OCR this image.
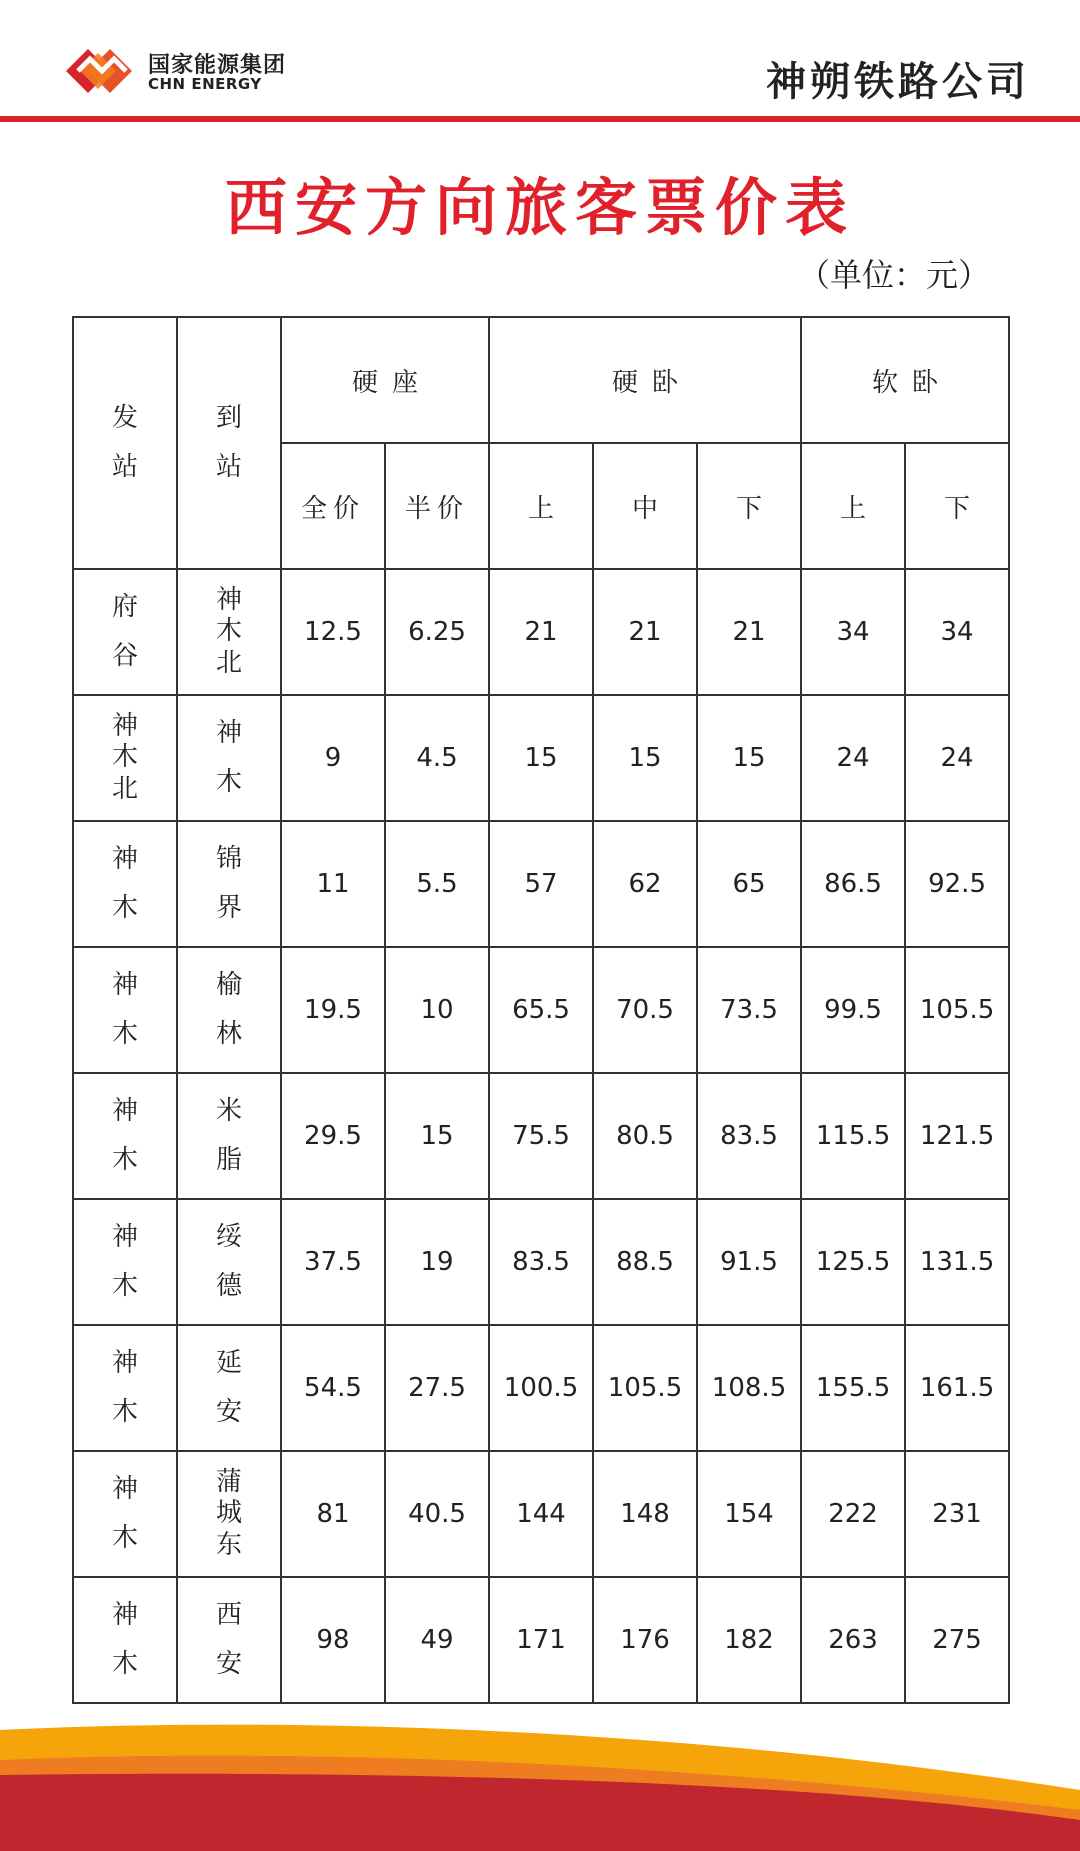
国家能源集团
CHN ENERGY	神朔铁路公司
西安方向旅客票价表
（单位：元）
发站	到站	硬座		硬卧			软卧	
		全价	半价	上	中	下	上	下
府谷	神木北	12.5	6.25	21	21	21	34	34
神木北	神木	9	4.5	15	15	15	24	24
神木	锦界	11	5.5	57	62	65	86.5	92.5
神木	榆林	19.5	10	65.5	70.5	73.5	99.5	105.5
神木	米脂	29.5	15	75.5	80.5	83.5	115.5	121.5
神木	绥德	37.5	19	83.5	88.5	91.5	125.5	131.5
神木	延安	54.5	27.5	100.5	105.5	108.5	155.5	161.5
神木	蒲城东	81	40.5	144	148	154	222	231
神木	西安	98	49	171	176	182	263	275
